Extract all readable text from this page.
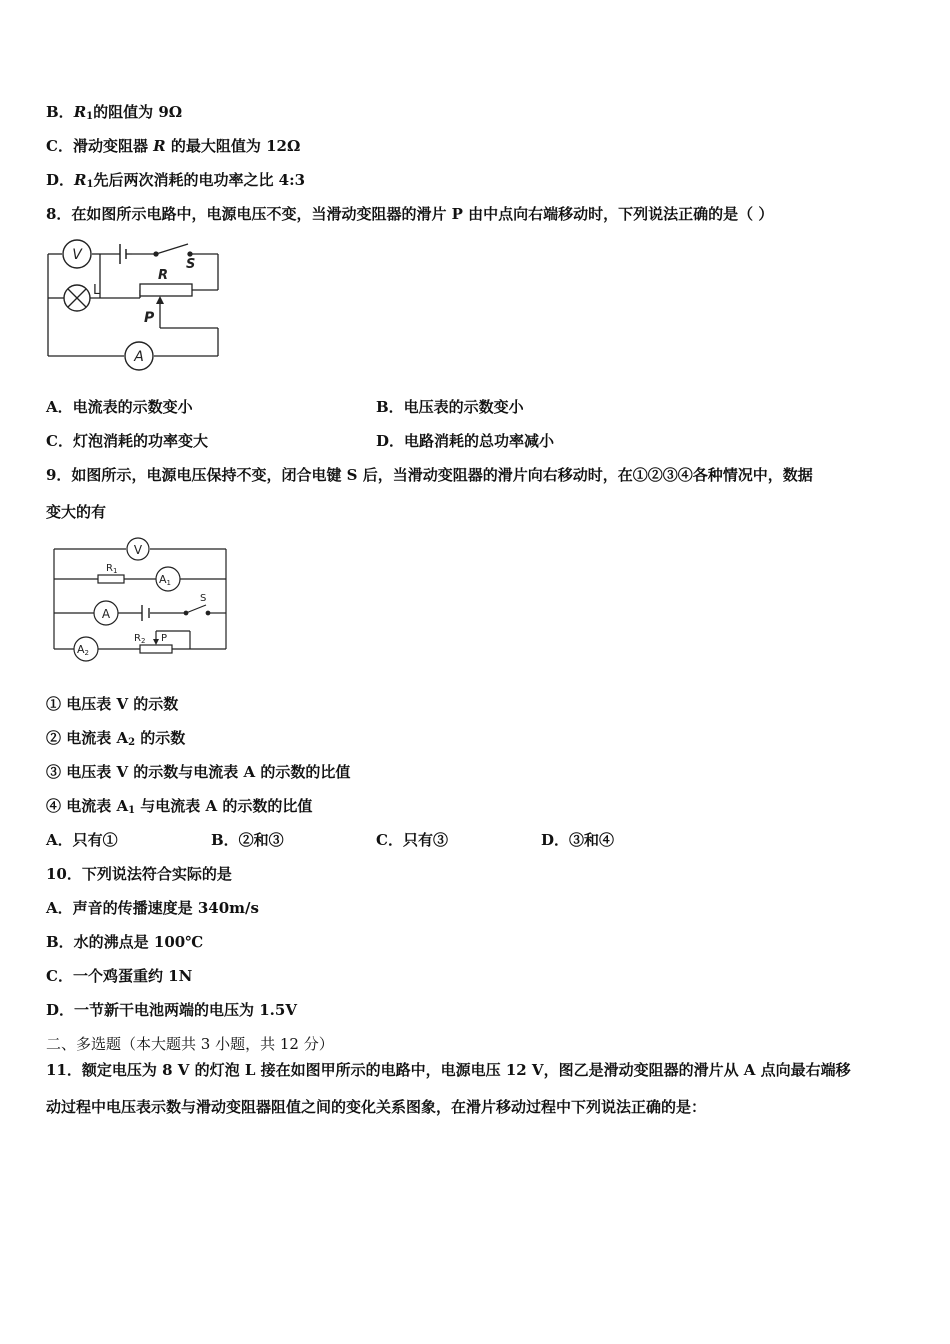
B．$R_1$的阻值为 9Ω
C．滑动变阻器 R 的最大阻值为 12Ω
D．$R_1$先后两次消耗的电功率之比 4:3
8．在如图所示电路中，电源电压不变，当滑动变阻器的滑片 P 由中点向右端移动时，下列说法正确的是（ ）
S
V
L
R
P
A
A．电流表的示数变小	B．电压表的示数变小
C．灯泡消耗的功率变大	D．电路消耗的总功率减小
9．如图所示，电源电压保持不变，闭合电键 S 后，当滑动变阻器的滑片向右移动时，在①②③④各种情况中，数据
变大的有
V
$R_1$
A1
A
S
A2
$R_2$ P
① 电压表 V 的示数
② 电流表 $A_2$ 的示数
③ 电压表 V 的示数与电流表 A 的示数的比值
④ 电流表 $A_1$ 与电流表 A 的示数的比值
A．只有①	B．②和③	C．只有③	D．③和④
10．下列说法符合实际的是
A．声音的传播速度是 340m/s
B．水的沸点是 100℃
C．一个鸡蛋重约 1N
D．一节新干电池两端的电压为 1.5V
二、多选题（本大题共 3 小题，共 12 分）
11．额定电压为 8 V 的灯泡 L 接在如图甲所示的电路中，电源电压 12 V，图乙是滑动变阻器的滑片从 A 点向最右端移
动过程中电压表示数与滑动变阻器阻值之间的变化关系图象，在滑片移动过程中下列说法正确的是：
